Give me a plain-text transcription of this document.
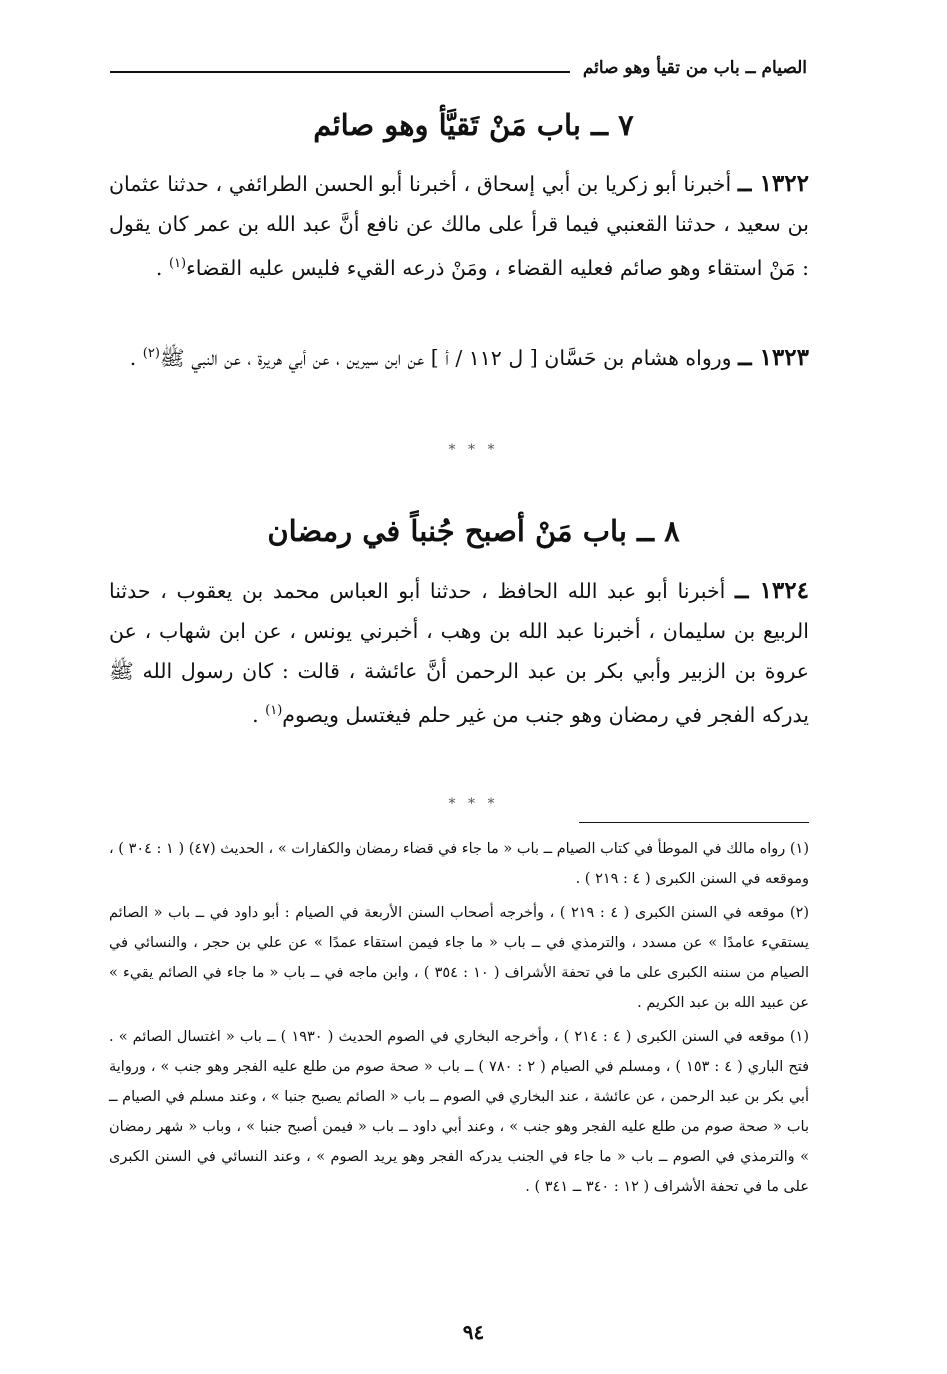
الصيام ــ باب من تقيأ وهو صائم
٧ ــ باب مَنْ تَقيَّأ وهو صائم
١٣٢٢ ــ أخبرنا أبو زكريا بن أبي إسحاق ، أخبرنا أبو الحسن الطرائفي ، حدثنا عثمان بن سعيد ، حدثنا القعنبي فيما قرأ على مالك عن نافع أنَّ عبد الله بن عمر كان يقول : مَنْ استقاء وهو صائم فعليه القضاء ، ومَنْ ذرعه القيء فليس عليه القضاء$^{(١)}$ .
١٣٢٣ ــ ورواه هشام بن حَسَّان [ ل ١١٢ / أ ] عن ابن سيرين ، عن أبي هريرة ، عن النبي ﷺ$^{(٢)}$ .
* * *
٨ ــ باب مَنْ أصبح جُنباً في رمضان
١٣٢٤ ــ أخبرنا أبو عبد الله الحافظ ، حدثنا أبو العباس محمد بن يعقوب ، حدثنا الربيع بن سليمان ، أخبرنا عبد الله بن وهب ، أخبرني يونس ، عن ابن شهاب ، عن عروة بن الزبير وأبي بكر بن عبد الرحمن أنَّ عائشة ، قالت : كان رسول الله ﷺ يدركه الفجر في رمضان وهو جنب من غير حلم فيغتسل ويصوم$^{(١)}$ .
* * *
(١) رواه مالك في الموطأ في كتاب الصيام ــ باب « ما جاء في قضاء رمضان والكفارات » ، الحديث (٤٧) ( ١ : ٣٠٤ ) ، وموقعه في السنن الكبرى ( ٤ : ٢١٩ ) .
(٢) موقعه في السنن الكبرى ( ٤ : ٢١٩ ) ، وأخرجه أصحاب السنن الأربعة في الصيام : أبو داود في ــ باب « الصائم يستقيء عامدًا » عن مسدد ، والترمذي في ــ باب « ما جاء فيمن استقاء عمدًا » عن علي بن حجر ، والنسائي في الصيام من سننه الكبرى على ما في تحفة الأشراف ( ١٠ : ٣٥٤ ) ، وابن ماجه في ــ باب « ما جاء في الصائم يقيء » عن عبيد الله بن عبد الكريم .
(١) موقعه في السنن الكبرى ( ٤ : ٢١٤ ) ، وأخرجه البخاري في الصوم الحديث ( ١٩٣٠ ) ــ باب « اغتسال الصائم » . فتح الباري ( ٤ : ١٥٣ ) ، ومسلم في الصيام ( ٢ : ٧٨٠ ) ــ باب « صحة صوم من طلع عليه الفجر وهو جنب » ، ورواية أبي بكر بن عبد الرحمن ، عن عائشة ، عند البخاري في الصوم ــ باب « الصائم يصبح جنبا » ، وعند مسلم في الصيام ــ باب « صحة صوم من طلع عليه الفجر وهو جنب » ، وعند أبي داود ــ باب « فيمن أصبح جنبا » ، وباب « شهر رمضان » والترمذي في الصوم ــ باب « ما جاء في الجنب يدركه الفجر وهو يريد الصوم » ، وعند النسائي في السنن الكبرى على ما في تحفة الأشراف ( ١٢ : ٣٤٠ ــ ٣٤١ ) .
٩٤
